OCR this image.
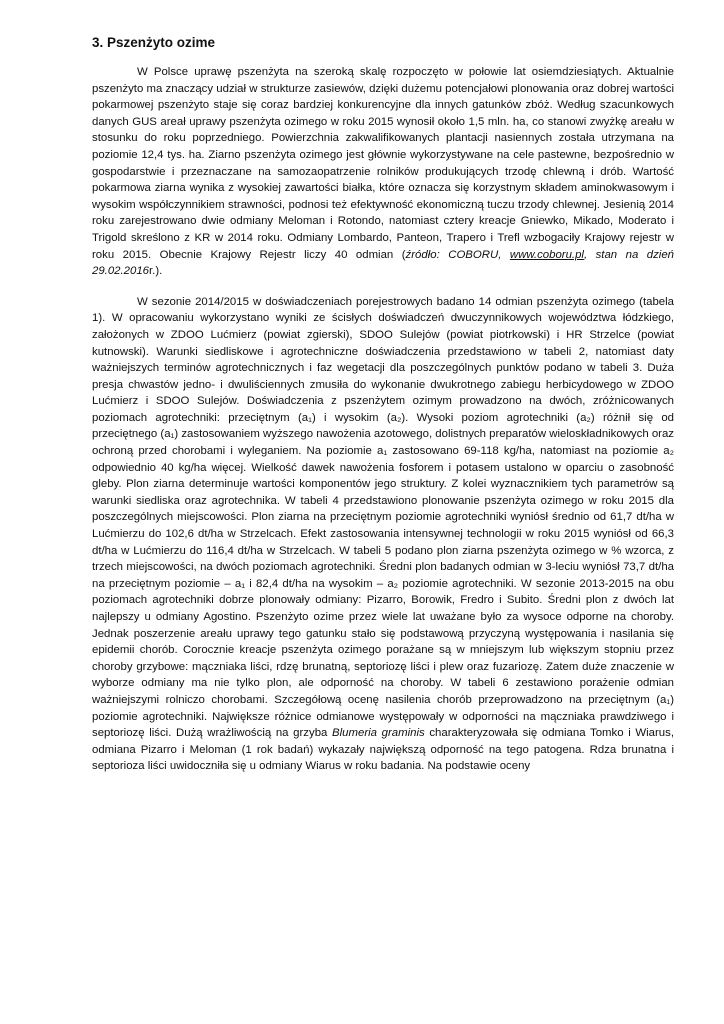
3. Pszenżyto ozime

W Polsce uprawę pszenżyta na szeroką skalę rozpoczęto w połowie lat osiemdziesiątych. Aktualnie pszenżyto ma znaczący udział w strukturze zasiewów, dzięki dużemu potencjałowi plonowania oraz dobrej wartości pokarmowej pszenżyto staje się coraz bardziej konkurencyjne dla innych gatunków zbóż. Według szacunkowych danych GUS areał uprawy pszenżyta ozimego w roku 2015 wynosił około 1,5 mln. ha, co stanowi zwyżkę areału w stosunku do roku poprzedniego. Powierzchnia zakwalifikowanych plantacji nasiennych została utrzymana na poziomie 12,4 tys. ha. Ziarno pszenżyta ozimego jest głównie wykorzystywane na cele pastewne, bezpośrednio w gospodarstwie i przeznaczane na samozaopatrzenie rolników produkujących trzodę chlewną i drób. Wartość pokarmowa ziarna wynika z wysokiej zawartości białka, które oznacza się korzystnym składem aminokwasowym i wysokim współczynnikiem strawności, podnosi też efektywność ekonomiczną tuczu trzody chlewnej. Jesienią 2014 roku zarejestrowano dwie odmiany Meloman i Rotondo, natomiast cztery kreacje Gniewko, Mikado, Moderato i Trigold skreślono z KR w 2014 roku. Odmiany Lombardo, Panteon, Trapero i Trefl wzbogaciły Krajowy rejestr w roku 2015. Obecnie Krajowy Rejestr liczy 40 odmian (źródło: COBORU, www.coboru.pl, stan na dzień 29.02.2016r.).

W sezonie 2014/2015 w doświadczeniach porejestrowych badano 14 odmian pszenżyta ozimego (tabela 1). W opracowaniu wykorzystano wyniki ze ścisłych doświadczeń dwuczynnikowych województwa łódzkiego, założonych w ZDOO Lućmierz (powiat zgierski), SDOO Sulejów (powiat piotrkowski) i HR Strzelce (powiat kutnowski). Warunki siedliskowe i agrotechniczne doświadczenia przedstawiono w tabeli 2, natomiast daty ważniejszych terminów agrotechnicznych i faz wegetacji dla poszczególnych punktów podano w tabeli 3. Duża presja chwastów jedno- i dwuliściennych zmusiła do wykonanie dwukrotnego zabiegu herbicydowego w ZDOO Lućmierz i SDOO Sulejów. Doświadczenia z pszenżytem ozimym prowadzono na dwóch, zróżnicowanych poziomach agrotechniki: przeciętnym (a₁) i wysokim (a₂). Wysoki poziom agrotechniki (a₂) różnił się od przeciętnego (a₁) zastosowaniem wyższego nawożenia azotowego, dolistnych preparatów wieloskładnikowych oraz ochroną przed chorobami i wyleganiem. Na poziomie a₁ zastosowano 69-118 kg/ha, natomiast na poziomie a₂ odpowiednio 40 kg/ha więcej. Wielkość dawek nawożenia fosforem i potasem ustalono w oparciu o zasobność gleby. Plon ziarna determinuje wartości komponentów jego struktury. Z kolei wyznacznikiem tych parametrów są warunki siedliska oraz agrotechnika. W tabeli 4 przedstawiono plonowanie pszenżyta ozimego w roku 2015 dla poszczególnych miejscowości. Plon ziarna na przeciętnym poziomie agrotechniki wyniósł średnio od 61,7 dt/ha w Lućmierzu do 102,6 dt/ha w Strzelcach. Efekt zastosowania intensywnej technologii w roku 2015 wyniósł od 66,3 dt/ha w Lućmierzu do 116,4 dt/ha w Strzelcach. W tabeli 5 podano plon ziarna pszenżyta ozimego w % wzorca, z trzech miejscowości, na dwóch poziomach agrotechniki. Średni plon badanych odmian w 3-leciu wyniósł 73,7 dt/ha na przeciętnym poziomie – a₁ i 82,4 dt/ha na wysokim – a₂ poziomie agrotechniki. W sezonie 2013-2015 na obu poziomach agrotechniki dobrze plonowały odmiany: Pizarro, Borowik, Fredro i Subito. Średni plon z dwóch lat najlepszy u odmiany Agostino. Pszenżyto ozime przez wiele lat uważane było za wysoce odporne na choroby. Jednak poszerzenie areału uprawy tego gatunku stało się podstawową przyczyną występowania i nasilania się epidemii chorób. Corocznie kreacje pszenżyta ozimego porażane są w mniejszym lub większym stopniu przez choroby grzybowe: mączniaka liści, rdzę brunatną, septoriozę liści i plew oraz fuzariozę. Zatem duże znaczenie w wyborze odmiany ma nie tylko plon, ale odporność na choroby. W tabeli 6 zestawiono porażenie odmian ważniejszymi rolniczo chorobami. Szczegółową ocenę nasilenia chorób przeprowadzono na przeciętnym (a₁) poziomie agrotechniki. Największe różnice odmianowe występowały w odporności na mączniaka prawdziwego i septoriozę liści. Dużą wrażliwością na grzyba Blumeria graminis charakteryzowała się odmiana Tomko i Wiarus, odmiana Pizarro i Meloman (1 rok badań) wykazały największą odporność na tego patogena. Rdza brunatna i septorioza liści uwidoczniła się u odmiany Wiarus w roku badania. Na podstawie oceny
